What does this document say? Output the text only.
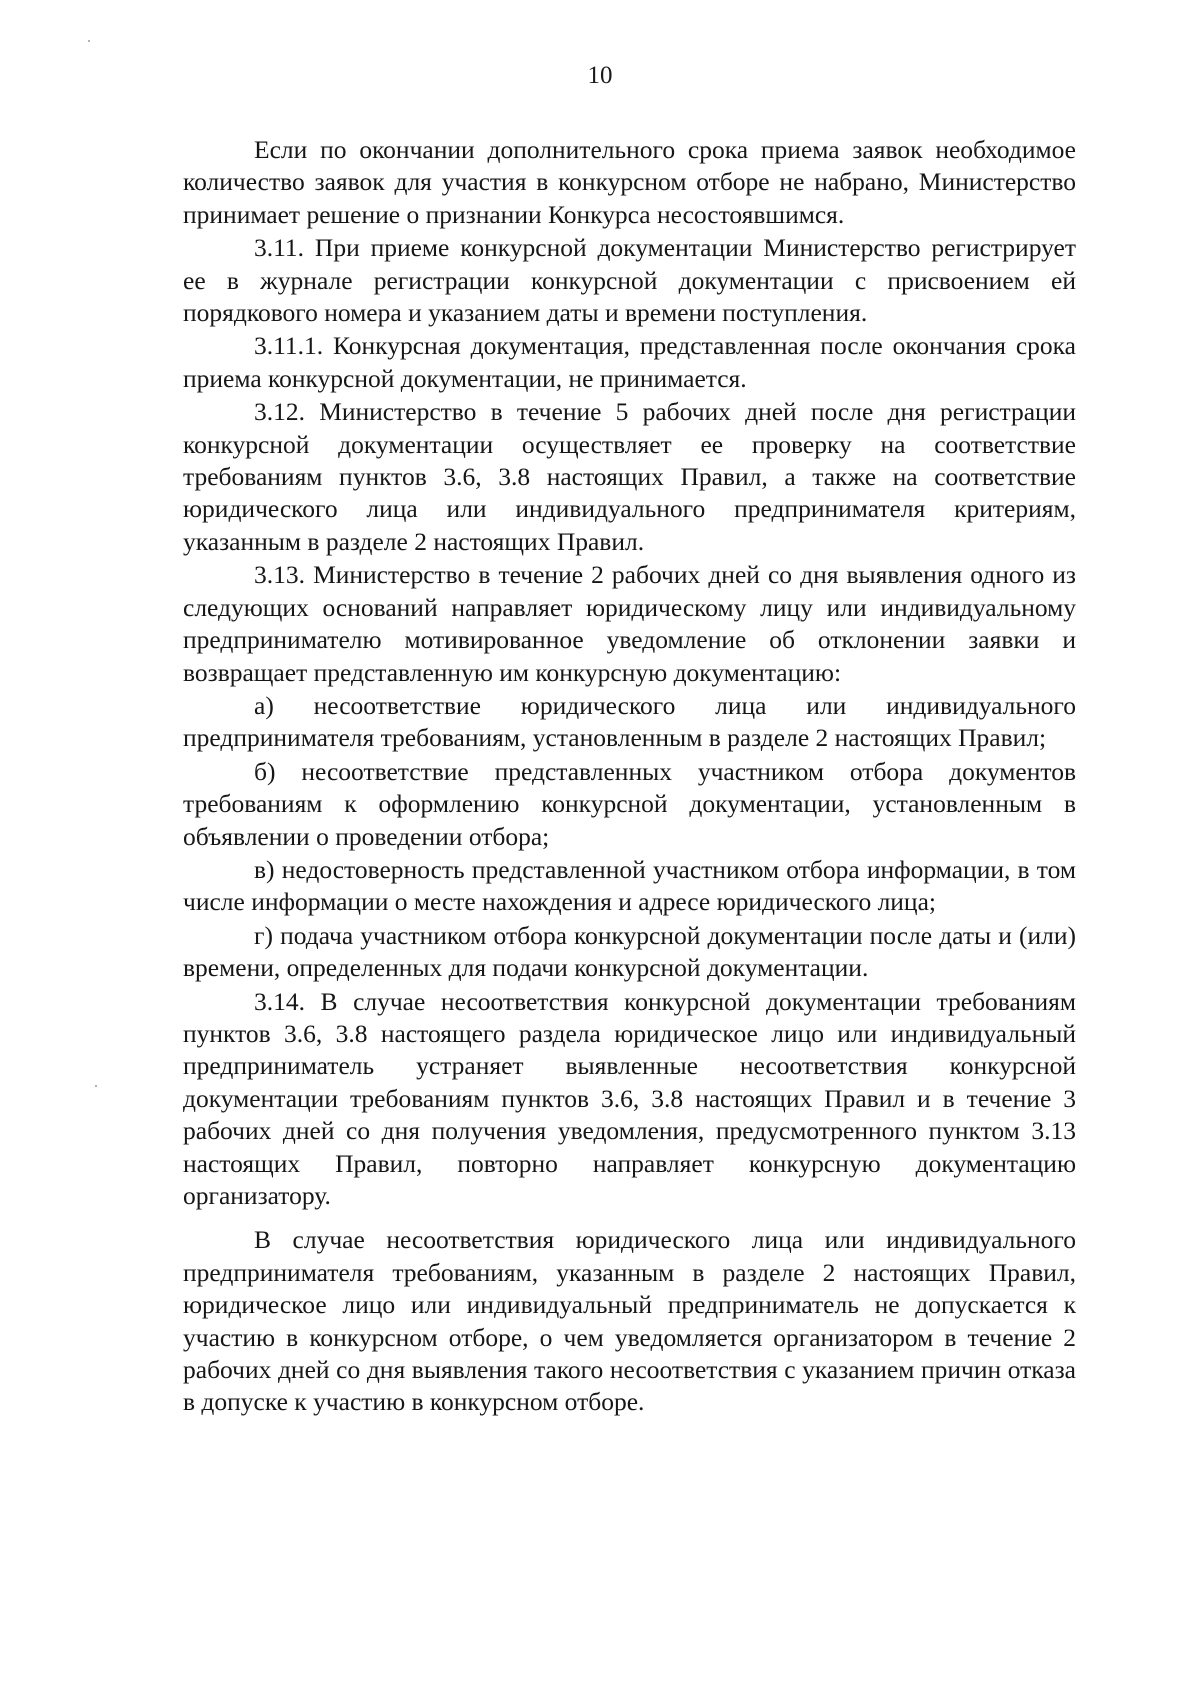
10

Если по окончании дополнительного срока приема заявок необходимое количество заявок для участия в конкурсном отборе не набрано, Министерство принимает решение о признании Конкурса несостоявшимся.

3.11. При приеме конкурсной документации Министерство регистрирует ее в журнале регистрации конкурсной документации с присвоением ей порядкового номера и указанием даты и времени поступления.

3.11.1. Конкурсная документация, представленная после окончания срока приема конкурсной документации, не принимается.

3.12. Министерство в течение 5 рабочих дней после дня регистрации конкурсной документации осуществляет ее проверку на соответствие требованиям пунктов 3.6, 3.8 настоящих Правил, а также на соответствие юридического лица или индивидуального предпринимателя критериям, указанным в разделе 2 настоящих Правил.

3.13. Министерство в течение 2 рабочих дней со дня выявления одного из следующих оснований направляет юридическому лицу или индивидуальному предпринимателю мотивированное уведомление об отклонении заявки и возвращает представленную им конкурсную документацию:

а) несоответствие юридического лица или индивидуального предпринимателя требованиям, установленным в разделе 2 настоящих Правил;

б) несоответствие представленных участником отбора документов требованиям к оформлению конкурсной документации, установленным в объявлении о проведении отбора;

в) недостоверность представленной участником отбора информации, в том числе информации о месте нахождения и адресе юридического лица;

г) подача участником отбора конкурсной документации после даты и (или) времени, определенных для подачи конкурсной документации.

3.14. В случае несоответствия конкурсной документации требованиям пунктов 3.6, 3.8 настоящего раздела юридическое лицо или индивидуальный предприниматель устраняет выявленные несоответствия конкурсной документации требованиям пунктов 3.6, 3.8 настоящих Правил и в течение 3 рабочих дней со дня получения уведомления, предусмотренного пунктом 3.13 настоящих Правил, повторно направляет конкурсную документацию организатору.

В случае несоответствия юридического лица или индивидуального предпринимателя требованиям, указанным в разделе 2 настоящих Правил, юридическое лицо или индивидуальный предприниматель не допускается к участию в конкурсном отборе, о чем уведомляется организатором в течение 2 рабочих дней со дня выявления такого несоответствия с указанием причин отказа в допуске к участию в конкурсном отборе.
